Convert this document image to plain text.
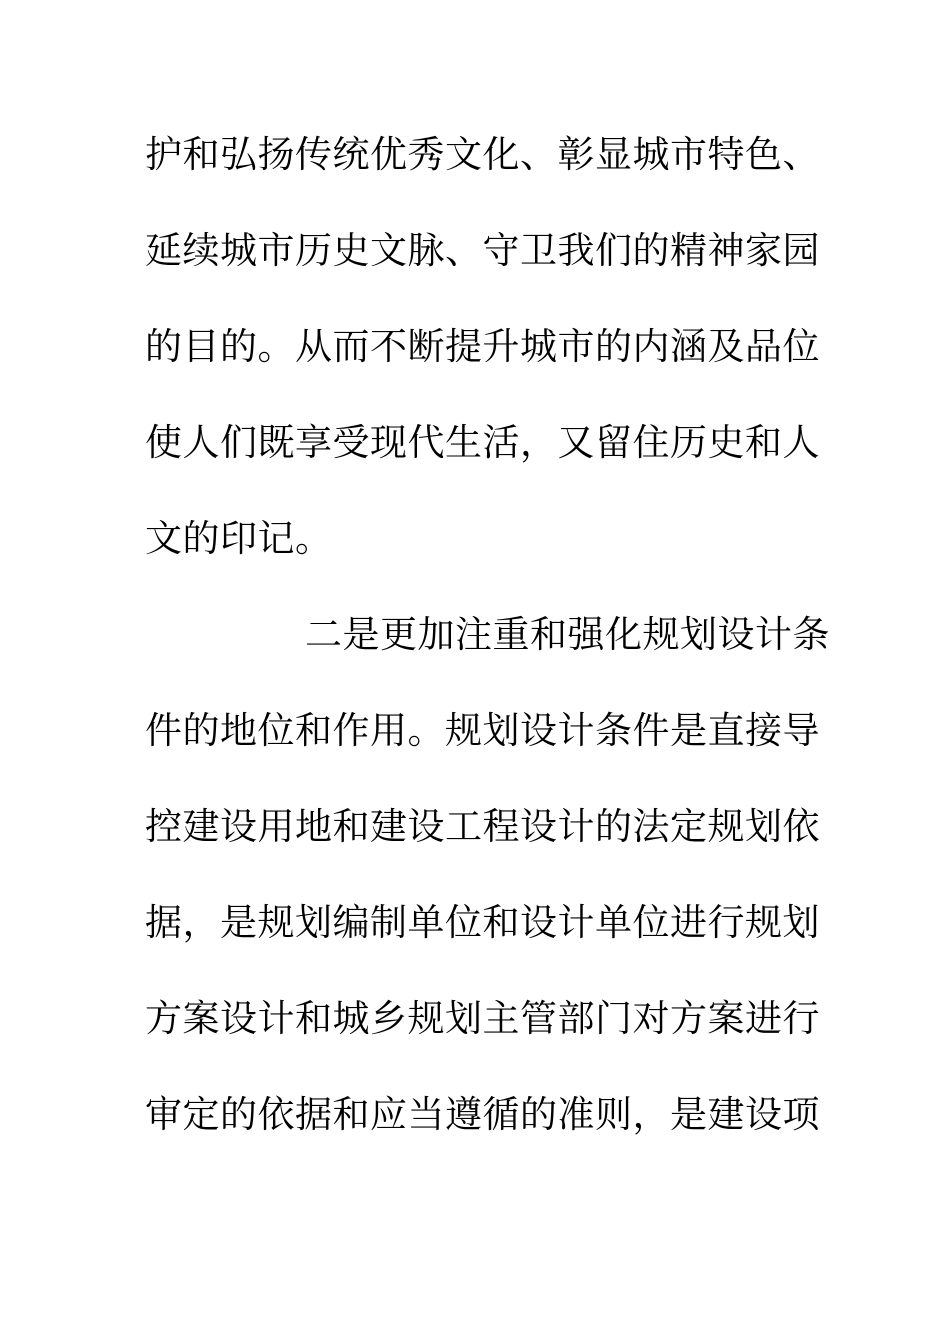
护和弘扬传统优秀文化、彰显城市特色、
延续城市历史文脉、守卫我们的精神家园
的目的。从而不断提升城市的内涵及品位
使人们既享受现代生活，又留住历史和人
文的印记。
二是更加注重和强化规划设计条
件的地位和作用。规划设计条件是直接导
控建设用地和建设工程设计的法定规划依
据，是规划编制单位和设计单位进行规划
方案设计和城乡规划主管部门对方案进行
审定的依据和应当遵循的准则，是建设项
